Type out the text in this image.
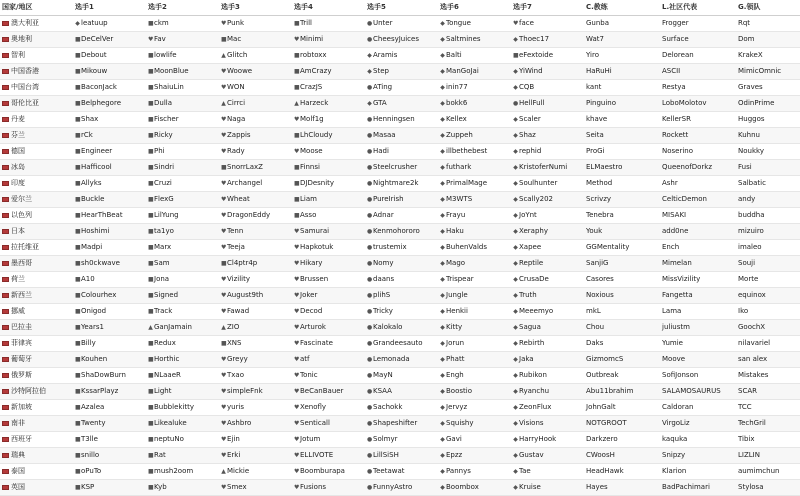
国家/地区	选手1	选手2	选手3	选手4	选手5	选手6	选手7	C.教练	L.社区代表	G.领队
澳大利亚	◆leatuup	■ckm	♥Punk	■Trill	●Unter	◆Tongue	♥face	Gunba	Frogger	Rqt
奥地利	■DeCelVer	♥Fav	■Mac	♥Minimi	●CheesyJuices	◆Saltmines	◆Thoec17	Wat7	Surface	Dom
智利	■Debout	■lowlife	▲Glitch	■robtoxx	◆Aramis	◆Balti	■eFextoide	Yiro	Delorean	KrakeX
中国香港	■Mikouw	■MoonBlue	♥Woowe	■AmCrazy	◆Step	◆ManGoJai	◆YiWind	HaRuHi	ASCII	MimicOmnic
中国台湾	■BaconJack	■ShaiuLin	♥WON	■CrazJS	●ATing	◆inin77	◆CQB	kant	Restya	Graves
哥伦比亚	■Belphegore	■Dulla	▲Cirrci	▲Harzeck	◆GTA	◆bokk6	●HellFull	Pinguino	LoboMolotov	OdinPrime
丹麦	■Shax	■Fischer	♥Naga	♥Molf1g	●Henningsen	◆Kellex	◆Scaler	khave	KellerSR	Huggos
芬兰	■rCk	■Ricky	♥Zappis	■LhCloudy	●Masaa	◆Zuppeh	◆Shaz	Seita	Rockett	Kuhnu
德国	■Engineer	■Phi	♥Rady	♥Moose	●Hadi	◆illbethebest	◆rephid	ProGi	Noserino	Noukky
冰岛	■Hafficool	■Sindri	■SnorrLaxZ	■Finnsi	●Steelcrusher	◆futhark	◆KristoferNumi	ELMaestro	QueenofDorkz	Fusi
印度	■Allyks	■Cruzi	♥Archangel	■DJDesnity	●Nightmare2k	◆PrimalMage	◆Soulhunter	Method	Ashr	Salbatic
爱尔兰	■Buckle	■FlexG	♥Wheat	■Liam	●PureIrish	◆M3WTS	◆Scally202	Scrivzy	CelticDemon	andy
以色列	■HearThBeat	■LilYung	♥DragonEddy	■Asso	●Adnar	◆Frayu	◆JoYnt	Tenebra	MISAKI	buddha
日本	■Hoshimi	■ta1yo	♥Tenn	♥Samurai	●Kenmohororo	◆Haku	◆Xeraphy	Youk	add0ne	mizuiro
拉托维亚	■Madpi	■Marx	♥Teeja	♥Hapkotuk	●trustemix	◆BuhenValds	◆Xapee	GGMentality	Ench	imaleo
墨西哥	■sh0ckwave	■Sam	■Cl4ptr4p	♥Hikary	●Nomy	◆Mago	◆Reptile	SanjiG	Mimelan	Souji
荷兰	■A10	■Jona	♥Vizility	♥Brussen	●daans	◆Trispear	◆CrusaDe	Casores	MissVizility	Morte
新西兰	■Colourhex	■Signed	♥August9th	♥Joker	●plihS	◆Jungle	◆Truth	Noxious	Fangetta	equinox
挪威	■Onigod	■Track	♥Fawad	♥Decod	●Tricky	◆Henkii	◆Meeemyo	mkL	Lama	Iko
巴拉圭	■Years1	▲GanJamain	▲ZIO	♥Arturok	●Kalokalo	◆Kitty	◆Sagua	Chou	juliustm	GoochX
菲律宾	■Billy	■Redux	■XNS	♥Fascinate	●Grandeesauto	◆Jorun	◆Rebirth	Daks	Yumie	nilavariel
葡萄牙	■Kouhen	■Horthic	♥Greyy	♥atf	●Lemonada	◆Phatt	◆Jaka	GizmomcS	Moove	san alex
俄罗斯	■ShaDowBurn	■NLaaeR	♥Txao	♥Tonic	●MayN	◆Engh	◆Rubikon	Outbreak	SofiJonson	Mistakes
沙特阿拉伯	■KssarPlayz	■Light	♥simpleFnk	♥BeCanBauer	●KSAA	◆Boostio	◆Ryanchu	Abu11brahim	SALAMOSAURUS	SCAR
新加坡	■Azalea	■Bubblekitty	♥yuris	♥Xenofly	●Sachokk	◆Jervyz	◆ZeonFlux	JohnGalt	Caldoran	TCC
南非	■Twenty	■Likealuke	♥Ashbro	♥Senticall	●Shapeshifter	◆Squishy	◆Visions	NOTGROOT	VirgoLiz	TechGril
西班牙	■T3lle	■neptuNo	♥Ejin	♥Jotum	●Solmyr	◆Gavi	◆HarryHook	Darkzero	kaquka	Tibix
瑞典	■snillo	■Rat	♥Erki	♥ELLIVOTE	●LillSiSH	◆Epzz	◆Gustav	CWoosH	Snipzy	LIZLIN
泰国	■oPuTo	■mush2oom	▲Mickie	♥Boomburapa	●Teetawat	◆Pannys	◆Tae	HeadHawk	Klarion	aumimchun
英国	■KSP	■Kyb	♥Smex	♥Fusions	●FunnyAstro	◆Boombox	◆Kruise	Hayes	BadPachimari	Stylosa
